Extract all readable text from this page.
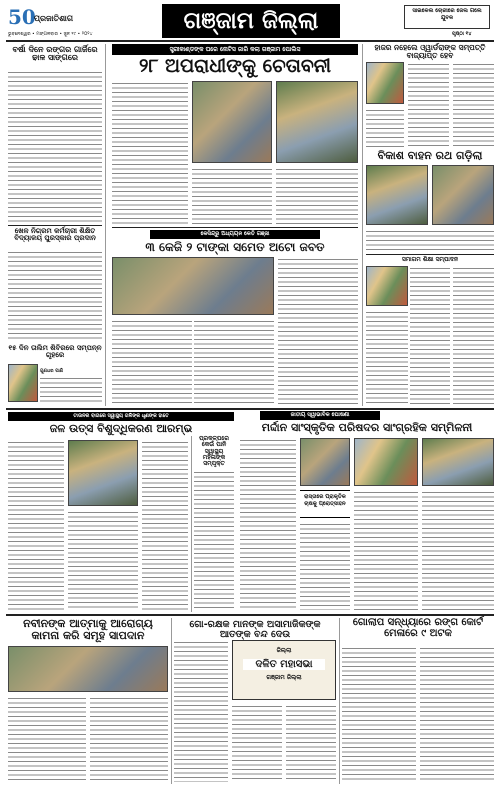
50
ପ୍ରଜାତିଶାଗ
ଭୁବନେଶ୍ୱର • ମଙ୍ଗଳବାର • ଜୁନ ୧୯ • ୨୦୨୪
ଗଞ୍ଜାମ ଜିଲ୍ଲା	ସାଇକେଲ ଚୋରୀରେ ଜେଲ ଗଲେ ଯୁବକ
ପୃଷ୍ଠା ୧୪
ବର୍ଷା ଦିନେ ରଙ୍ଗର ଗାର୍ଜିରେ ଢାଳ ସାଙ୍ଗରେ
ସ୍ତ୍ରୀକାଣ୍ଡଙ୍କ ଘରେ ନୋଟିସ ଜାରି କଲା ଗଞ୍ଜାମ ପୋଲିସ
୨୮ ଅପରାଧୀଙ୍କୁ ଚେତାବନୀ
ହାଜର ନହେଲେ ଓ୍ୱାର୍ଡରାଙ୍କ ସମ୍ପତ୍ତି ବାଜ୍ୟାପ୍ତ ହେବ
ବିକାଶ ବାହନ ରଥ ଗଡ଼ିଲା
ଖେଳ ନିଗ୍ରମ କର୍ମଚାରୀ ଶିକ୍ଷିତ ବିଦ୍ୟାଳୟ ପୁରସ୍କାର ପ୍ରଦାନ
୧୫ ଦିନ ତାଲିମ ଶିବିରରେ ସମ୍ପନ୍ନ ଗୃହରେ
ଗୁଣଧର ପାଣି
କେସିନ୍ଦ୍ରୁ ଅଧ୍ୟୟନ କେତି ଗଞ୍ଜା
୩ କେଜି ୨ ଟାଙ୍କା ସମେତ ଅଟୋ ଜବତ
ସମାଗମ ଶିକ୍ଷା ସମ୍ପାଦନ
ଜାତୀୟ ସ୍ୱାଭାବିକ ଘୋଷଣା
ମର୍ଦ୍ଦାନ ସାଂସ୍କୃତିକ ପରିଷଦର ସାଂଗ୍ରହିକ ସମ୍ମିଳନୀ
ଟାଉନର ବାଗରେ ସ୍ୱାସ୍ଥ୍ୟ ଗଳିଙ୍କ ଧୃଣଙ୍କ ହାତେ
ଜଳ ଉତ୍ସ ବିଶୁଦ୍ଧିକରଣ ଆରମ୍ଭ
ପ୍ରକଳ୍ପରେ କେଉଁ ପାନି ସ୍ୱାସ୍ଥ୍ୟ ମହିଳାଙ୍କ ସମ୍ପୃକ୍ତ
ରାସ୍ତାରେ ପ୍ରାକୃତିକ ଚାଷକୁ ପ୍ରୋତ୍ସାହନ
ନବୀନଙ୍କ ଆତ୍ମାକୁ ଆରୋଗ୍ୟ କାମନା କରି ସମୂହ ସାପଦାନ
ଗୋ-ରକ୍ଷକ ମାନଙ୍କ ଅସାମାଜିକଙ୍କ ଆତଙ୍କ ବନ୍ଦ ଦେଉ
ଜିଲ୍ଲା
ଦଳିତ ମହାସଭା
ଗଞ୍ଜାମ ଜିଲ୍ଲା
ଗୋଲାପ ସନ୍ଧ୍ୟାରେ ରଙ୍ଗ କୋର୍ଟ ମେଳାରେ ୯ ଅଟକ
